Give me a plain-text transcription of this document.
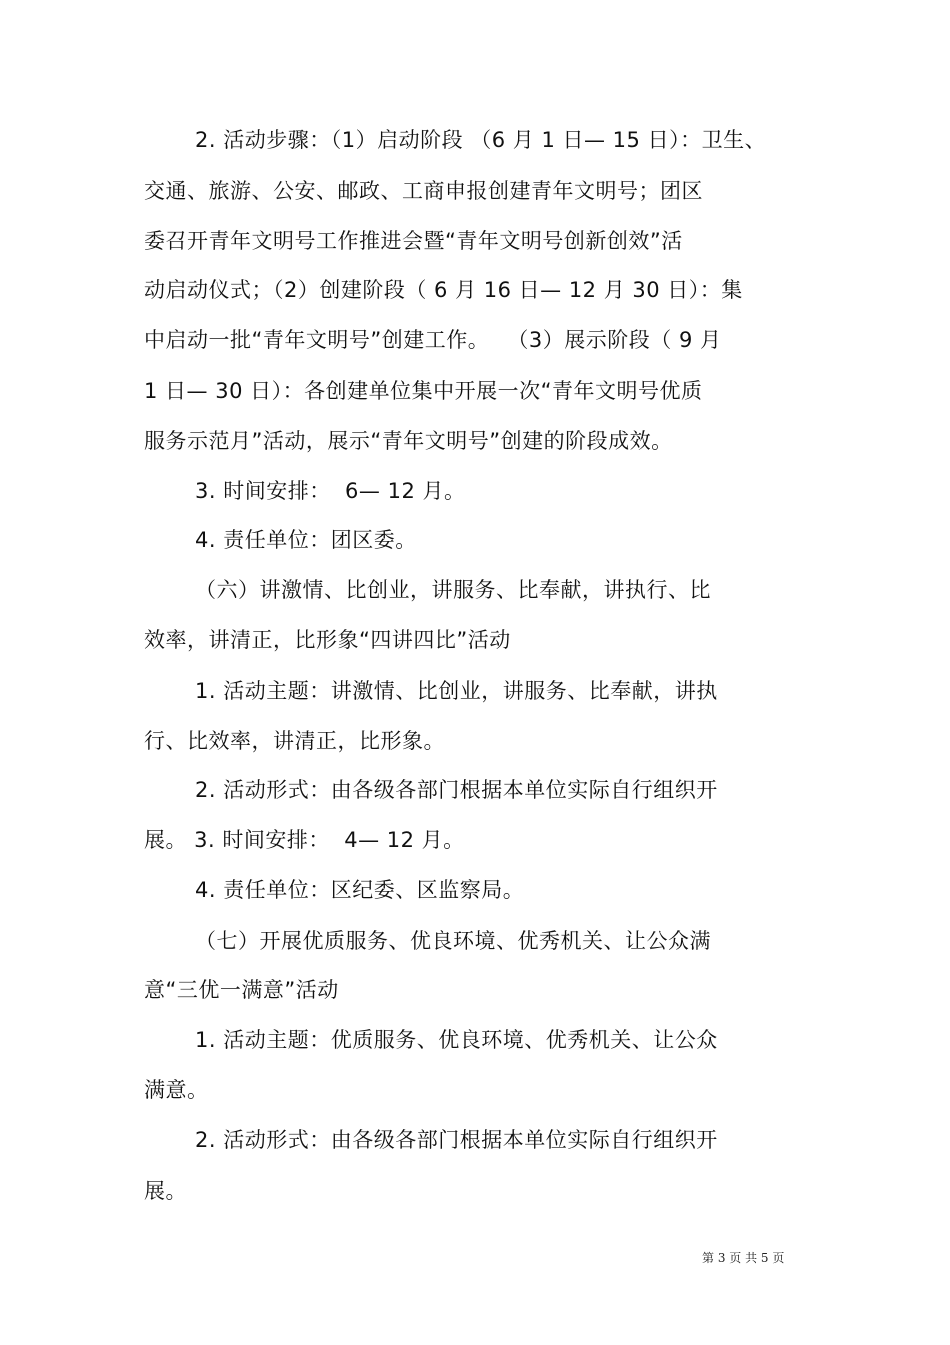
2. 活动步骤：（1）启动阶段 （6 月 1 日— 15 日）：卫生、
交通、旅游、公安、邮政、工商申报创建青年文明号；团区
委召开青年文明号工作推进会暨“青年文明号创新创效”活
动启动仪式；（2）创建阶段（ 6 月 16 日— 12 月 30 日）：集
中启动一批“青年文明号”创建工作。　 （3）展示阶段（ 9 月
1 日— 30 日）：各创建单位集中开展一次“青年文明号优质
服务示范月”活动，展示“青年文明号”创建的阶段成效。
3. 时间安排：  6— 12 月。
4. 责任单位：团区委。
（六）讲激情、比创业，讲服务、比奉献，讲执行、比
效率，讲清正，比形象“四讲四比”活动
1. 活动主题：讲激情、比创业，讲服务、比奉献，讲执
行、比效率，讲清正，比形象。
2. 活动形式：由各级各部门根据本单位实际自行组织开
展。 3. 时间安排：  4— 12 月。
4. 责任单位：区纪委、区监察局。
（七）开展优质服务、优良环境、优秀机关、让公众满
意“三优一满意”活动
1. 活动主题：优质服务、优良环境、优秀机关、让公众
满意。
2. 活动形式：由各级各部门根据本单位实际自行组织开
展。
第 3 页 共 5 页
